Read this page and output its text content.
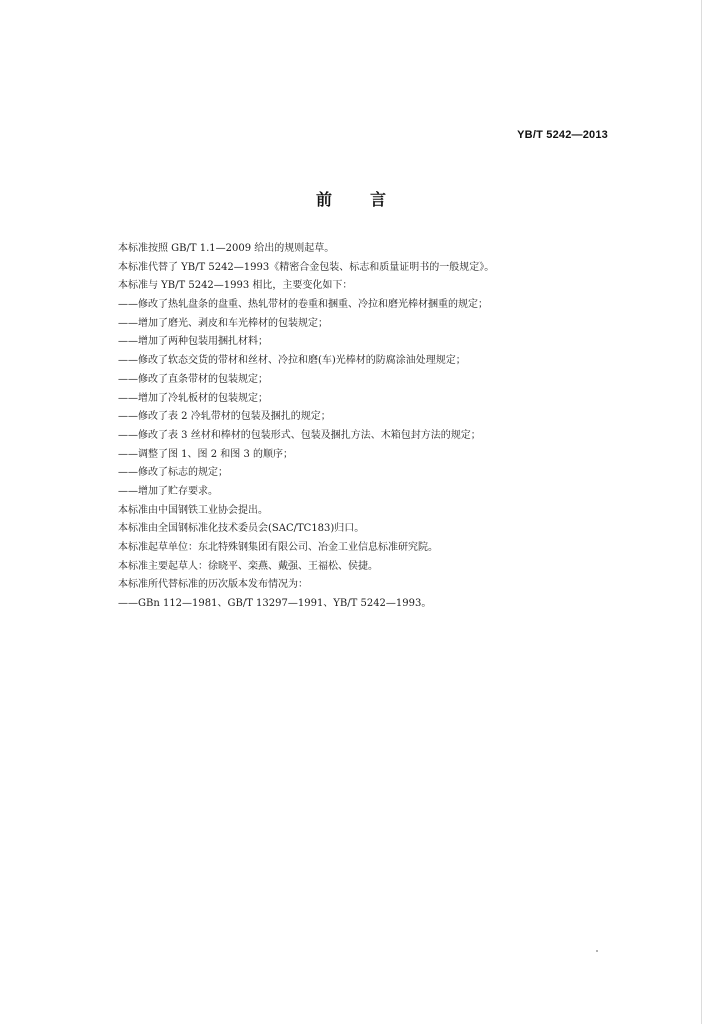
YB/T 5242—2013
前言
本标准按照 GB/T 1.1—2009 给出的规则起草。
本标准代替了 YB/T 5242—1993《精密合金包装、标志和质量证明书的一般规定》。
本标准与 YB/T 5242—1993 相比，主要变化如下：
——修改了热轧盘条的盘重、热轧带材的卷重和捆重、冷拉和磨光棒材捆重的规定；
——增加了磨光、剥皮和车光棒材的包装规定；
——增加了两种包装用捆扎材料；
——修改了软态交货的带材和丝材、冷拉和磨(车)光棒材的防腐涂油处理规定；
——修改了直条带材的包装规定；
——增加了冷轧板材的包装规定；
——修改了表 2 冷轧带材的包装及捆扎的规定；
——修改了表 3 丝材和棒材的包装形式、包装及捆扎方法、木箱包封方法的规定；
——调整了图 1、图 2 和图 3 的顺序；
——修改了标志的规定；
——增加了贮存要求。
本标准由中国钢铁工业协会提出。
本标准由全国钢标准化技术委员会(SAC/TC183)归口。
本标准起草单位：东北特殊钢集团有限公司、冶金工业信息标准研究院。
本标准主要起草人：徐晓平、栾燕、戴强、王福松、侯捷。
本标准所代替标准的历次版本发布情况为：
——GBn 112—1981、GB/T 13297—1991、YB/T 5242—1993。
